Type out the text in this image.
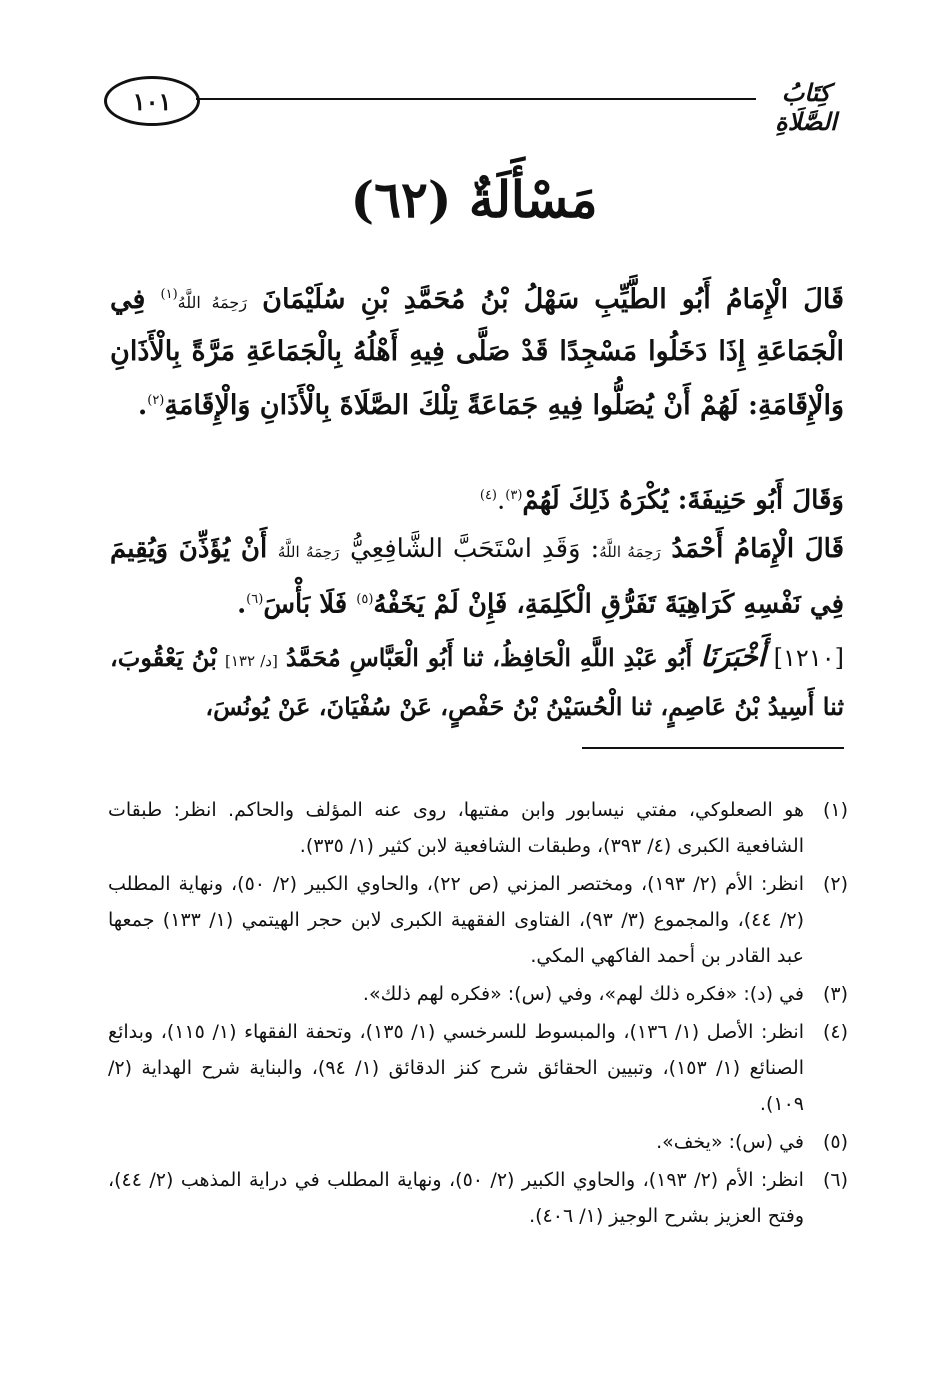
١٠١	كِتَابُ الصَّلَاةِ
مَسْأَلَةٌ (٦٢)
قَالَ الْإِمَامُ أَبُو الطَّيِّبِ سَهْلُ بْنُ مُحَمَّدِ بْنِ سُلَيْمَانَ رَحِمَهُ اللَّهُ$^{(١)}$ فِي الْجَمَاعَةِ إِذَا دَخَلُوا مَسْجِدًا قَدْ صَلَّى فِيهِ أَهْلُهُ بِالْجَمَاعَةِ مَرَّةً بِالْأَذَانِ وَالْإِقَامَةِ: لَهُمْ أَنْ يُصَلُّوا فِيهِ جَمَاعَةً تِلْكَ الصَّلَاةَ بِالْأَذَانِ وَالْإِقَامَةِ$^{(٢)}$.
وَقَالَ أَبُو حَنِيفَةَ: يُكْرَهُ ذَلِكَ لَهُمْ$^{(٣)}$.$^{(٤)}$
قَالَ الْإِمَامُ أَحْمَدُ رَحِمَهُ اللَّهُ: وَقَدِ اسْتَحَبَّ الشَّافِعِيُّ رَحِمَهُ اللَّهُ أَنْ يُؤَذِّنَ وَيُقِيمَ فِي نَفْسِهِ كَرَاهِيَةَ تَفَرُّقِ الْكَلِمَةِ، فَإِنْ لَمْ يَخَفْهُ$^{(٥)}$ فَلَا بَأْسَ$^{(٦)}$.
[١٢١٠] أَخْبَرَنَا أَبُو عَبْدِ اللَّهِ الْحَافِظُ، ثنا أَبُو الْعَبَّاسِ مُحَمَّدُ [د/ ١٣٢] بْنُ يَعْقُوبَ، ثنا أَسِيدُ بْنُ عَاصِمٍ، ثنا الْحُسَيْنُ بْنُ حَفْصٍ، عَنْ سُفْيَانَ، عَنْ يُونُسَ،
(١)
هو الصعلوكي، مفتي نيسابور وابن مفتيها، روى عنه المؤلف والحاكم. انظر: طبقات الشافعية الكبرى (٤/ ٣٩٣)، وطبقات الشافعية لابن كثير (١/ ٣٣٥).
(٢)
انظر: الأم (٢/ ١٩٣)، ومختصر المزني (ص ٢٢)، والحاوي الكبير (٢/ ٥٠)، ونهاية المطلب (٢/ ٤٤)، والمجموع (٣/ ٩٣)، الفتاوى الفقهية الكبرى لابن حجر الهيتمي (١/ ١٣٣) جمعها عبد القادر بن أحمد الفاكهي المكي.
(٣)
في (د): «فكره ذلك لهم»، وفي (س): «فكره لهم ذلك».
(٤)
انظر: الأصل (١/ ١٣٦)، والمبسوط للسرخسي (١/ ١٣٥)، وتحفة الفقهاء (١/ ١١٥)، وبدائع الصنائع (١/ ١٥٣)، وتبيين الحقائق شرح كنز الدقائق (١/ ٩٤)، والبناية شرح الهداية (٢/ ١٠٩).
(٥)
في (س): «يخف».
(٦)
انظر: الأم (٢/ ١٩٣)، والحاوي الكبير (٢/ ٥٠)، ونهاية المطلب في دراية المذهب (٢/ ٤٤)، وفتح العزيز بشرح الوجيز (١/ ٤٠٦).
